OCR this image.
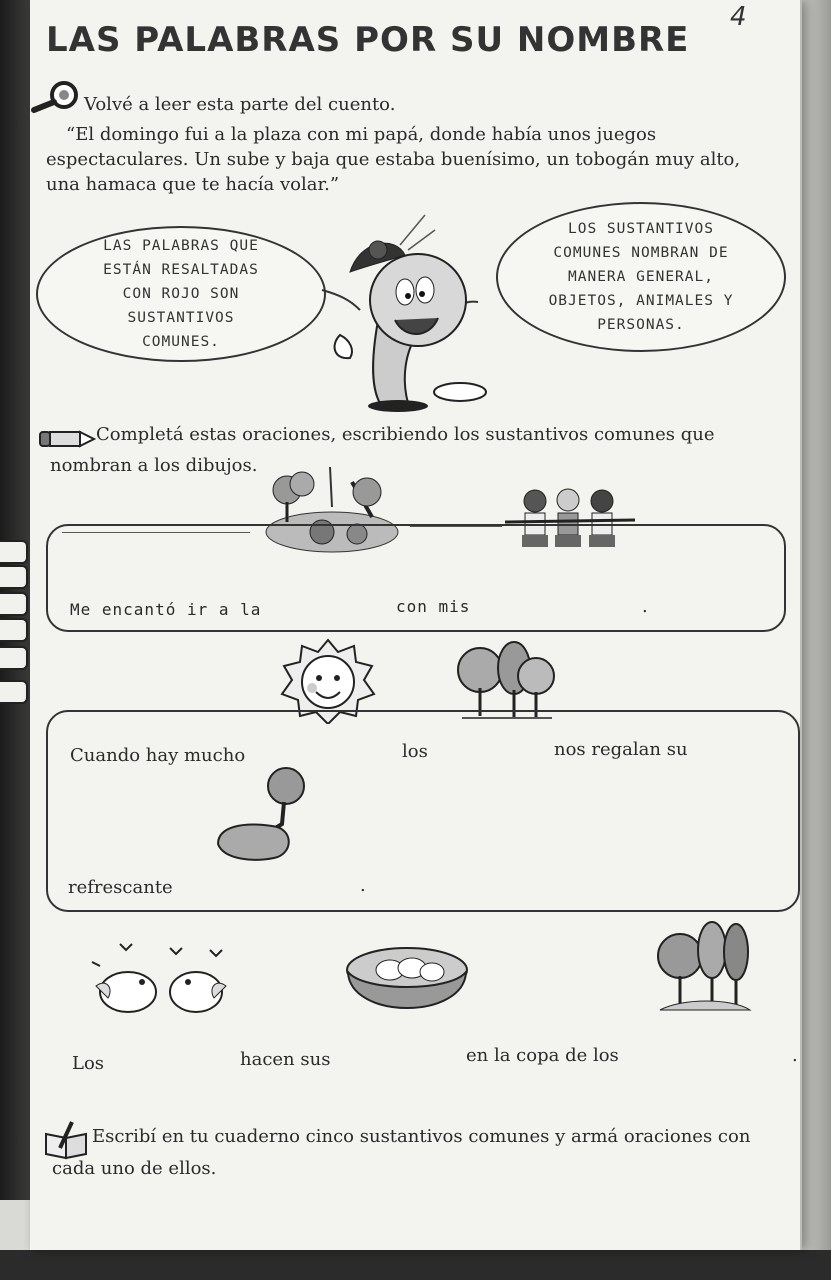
LAS PALABRAS POR SU NOMBRE
4
Volvé a leer esta parte del cuento.
“El domingo fui a la plaza con mi papá, donde había unos juegos
espectaculares. Un sube y baja que estaba buenísimo, un tobogán muy alto,
una hamaca que te hacía volar.”
LAS PALABRAS QUE
ESTÁN RESALTADAS
CON ROJO SON
SUSTANTIVOS
COMUNES.
LOS SUSTANTIVOS
COMUNES NOMBRAN DE
MANERA GENERAL,
OBJETOS, ANIMALES Y
PERSONAS.
Completá estas oraciones, escribiendo los sustantivos comunes que
nombran a los dibujos.
Me encantó ir a la	con mis	.
Cuando hay mucho	los	nos regalan su
refrescante	.
Los	hacen sus	en la copa de los	.
Escribí en tu cuaderno cinco sustantivos comunes y armá oraciones con
cada uno de ellos.
